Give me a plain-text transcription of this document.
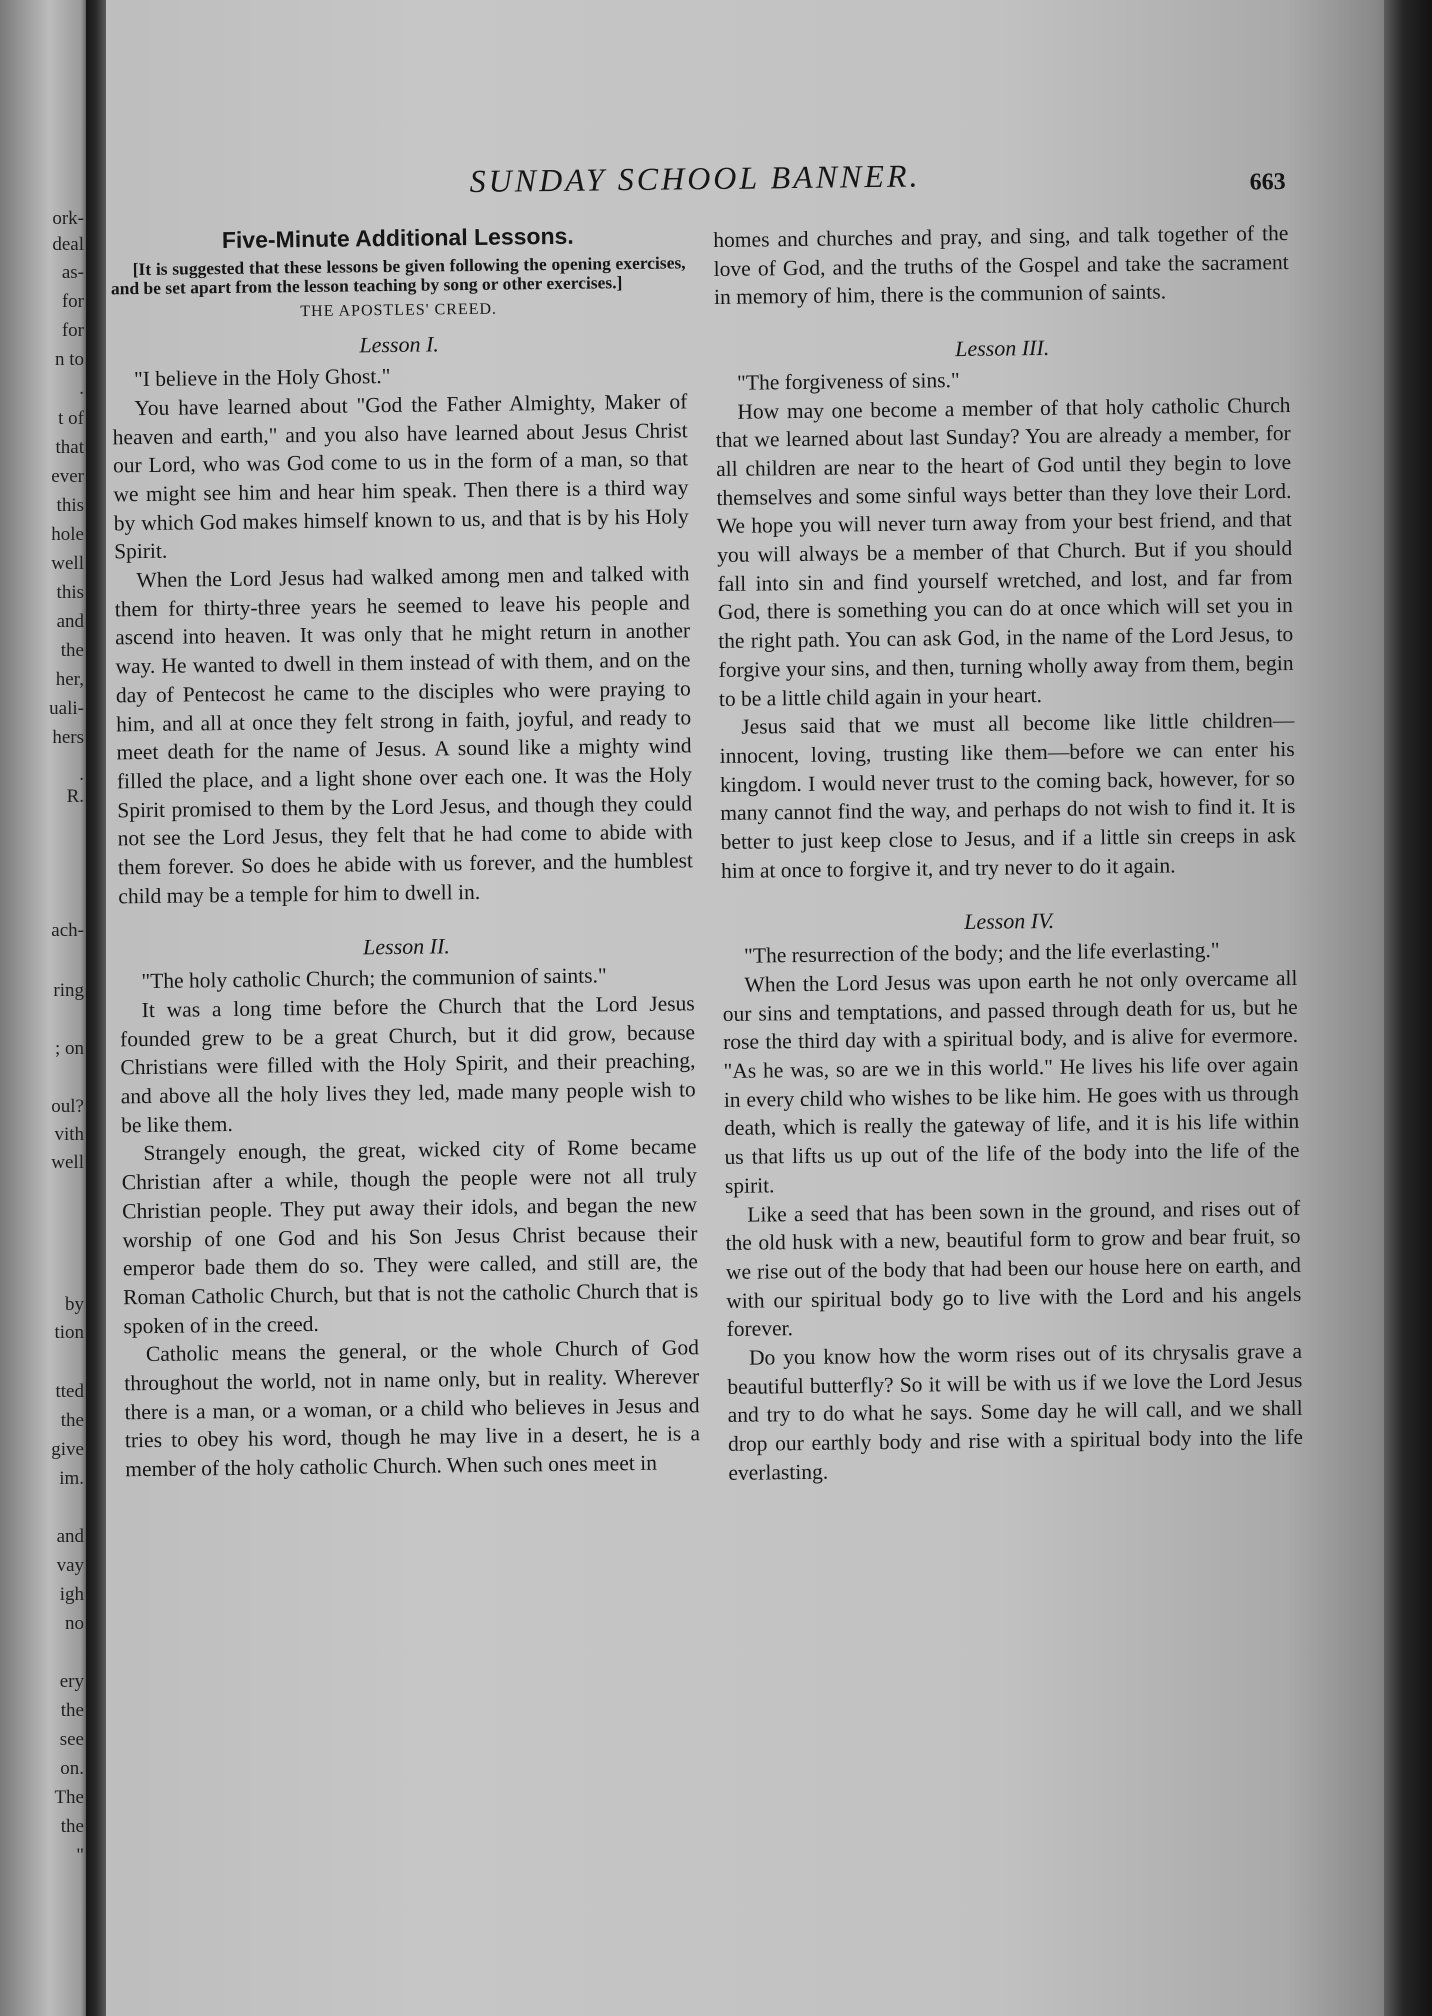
ork-
deal
as-
for
for
n to
.
t of
that
ever
this
hole
well
this
and
the
her,
uali-
hers
.
R.
ach-
ring
; on
oul?
vith
well
by
tion
tted
the
give
im.
and
vay
igh
no
ery
the
see
on.
The
the
"
SUNDAY SCHOOL BANNER.	663
Five-Minute Additional Lessons.

[It is suggested that these lessons be given following the opening exercises, and be set apart from the lesson teaching by song or other exercises.]

THE APOSTLES' CREED.
Lesson I.

"I believe in the Holy Ghost."

You have learned about "God the Father Almighty, Maker of heaven and earth," and you also have learned about Jesus Christ our Lord, who was God come to us in the form of a man, so that we might see him and hear him speak. Then there is a third way by which God makes himself known to us, and that is by his Holy Spirit.

When the Lord Jesus had walked among men and talked with them for thirty-three years he seemed to leave his people and ascend into heaven. It was only that he might return in another way. He wanted to dwell in them instead of with them, and on the day of Pentecost he came to the disciples who were praying to him, and all at once they felt strong in faith, joyful, and ready to meet death for the name of Jesus. A sound like a mighty wind filled the place, and a light shone over each one. It was the Holy Spirit promised to them by the Lord Jesus, and though they could not see the Lord Jesus, they felt that he had come to abide with them forever. So does he abide with us forever, and the humblest child may be a temple for him to dwell in.

Lesson II.

"The holy catholic Church; the communion of saints."

It was a long time before the Church that the Lord Jesus founded grew to be a great Church, but it did grow, because Christians were filled with the Holy Spirit, and their preaching, and above all the holy lives they led, made many people wish to be like them.

Strangely enough, the great, wicked city of Rome became Christian after a while, though the people were not all truly Christian people. They put away their idols, and began the new worship of one God and his Son Jesus Christ because their emperor bade them do so. They were called, and still are, the Roman Catholic Church, but that is not the catholic Church that is spoken of in the creed.

Catholic means the general, or the whole Church of God throughout the world, not in name only, but in reality. Wherever there is a man, or a woman, or a child who believes in Jesus and tries to obey his word, though he may live in a desert, he is a member of the holy catholic Church. When such ones meet in

homes and churches and pray, and sing, and talk together of the love of God, and the truths of the Gospel and take the sacrament in memory of him, there is the communion of saints.

Lesson III.

"The forgiveness of sins."

How may one become a member of that holy catholic Church that we learned about last Sunday? You are already a member, for all children are near to the heart of God until they begin to love themselves and some sinful ways better than they love their Lord. We hope you will never turn away from your best friend, and that you will always be a member of that Church. But if you should fall into sin and find yourself wretched, and lost, and far from God, there is something you can do at once which will set you in the right path. You can ask God, in the name of the Lord Jesus, to forgive your sins, and then, turning wholly away from them, begin to be a little child again in your heart.

Jesus said that we must all become like little children—innocent, loving, trusting like them—before we can enter his kingdom. I would never trust to the coming back, however, for so many cannot find the way, and perhaps do not wish to find it. It is better to just keep close to Jesus, and if a little sin creeps in ask him at once to forgive it, and try never to do it again.

Lesson IV.

"The resurrection of the body; and the life everlasting."

When the Lord Jesus was upon earth he not only overcame all our sins and temptations, and passed through death for us, but he rose the third day with a spiritual body, and is alive for evermore. "As he was, so are we in this world." He lives his life over again in every child who wishes to be like him. He goes with us through death, which is really the gateway of life, and it is his life within us that lifts us up out of the life of the body into the life of the spirit.

Like a seed that has been sown in the ground, and rises out of the old husk with a new, beautiful form to grow and bear fruit, so we rise out of the body that had been our house here on earth, and with our spiritual body go to live with the Lord and his angels forever.

Do you know how the worm rises out of its chrysalis grave a beautiful butterfly? So it will be with us if we love the Lord Jesus and try to do what he says. Some day he will call, and we shall drop our earthly body and rise with a spiritual body into the life everlasting.
